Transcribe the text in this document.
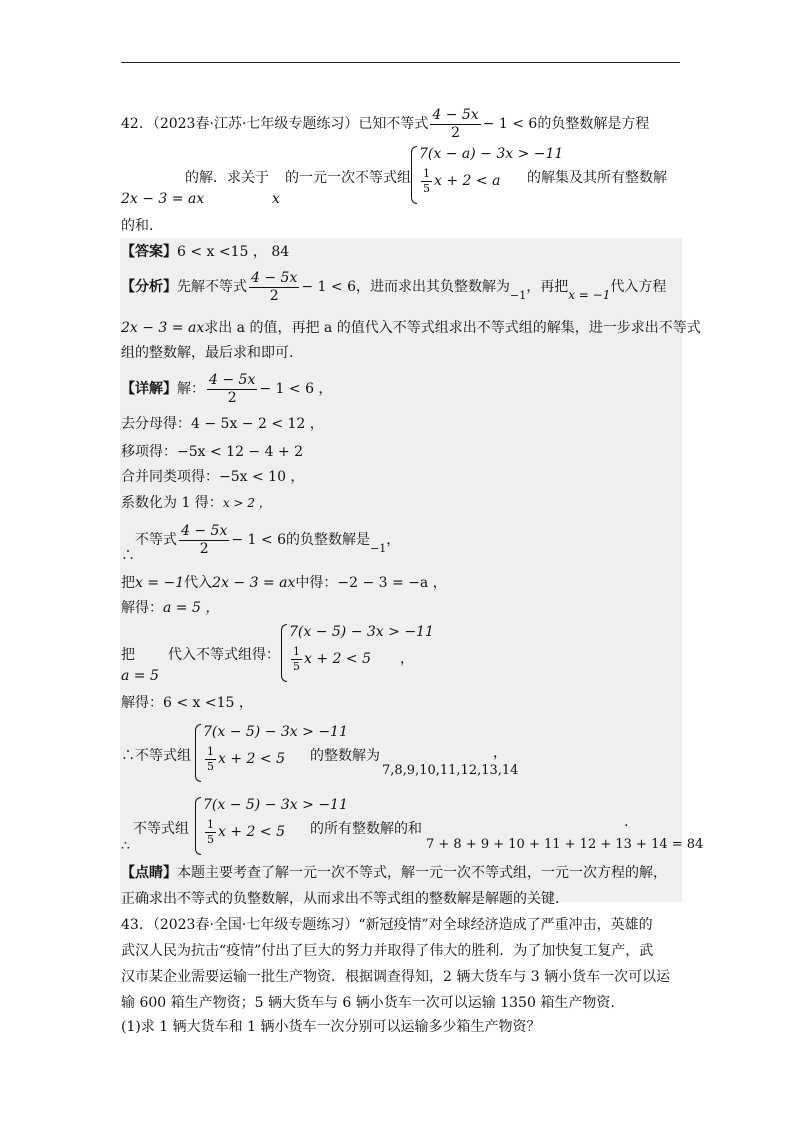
42．（2023春·江苏·七年级专题练习）已知不等式 $\frac{4 - 5x}{2} - 1 < 6$的负整数解是方程
的解．求关于 的一元一次不等式组
x
2x − 3 = ax
7(x − a) − 3x > −11
$\frac{1}{5}$ x + 2 < a 的解集及其所有整数解
的和.
【答案】6 < x <15 ， 84
【分析】先解不等式 $\frac{4 - 5x}{2} - 1 < 6$，进而求出其负整数解为$_{-1}$，再把x = −1代入方程
2x − 3 = ax求出 a 的值，再把 a 的值代入不等式组求出不等式组的解集，进一步求出不等式
组的整数解，最后求和即可.
【详解】解： $\frac{4 - 5x}{2} - 1 < 6$ ，
去分母得：4 − 5x − 2 < 12 ，
移项得：−5x < 12 − 4 + 2
合并同类项得：−5x < 10 ，
系数化为 1 得：x > 2 ，
∴不等式 $\frac{4 - 5x}{2} - 1 < 6$的负整数解是$_{-1}$，
把x = −1代入2x − 3 = ax中得：−2 − 3 = −a ，
解得：a = 5 ，
把
a = 5
代入不等式组得：
7(x − 5) − 3x > −11
$\frac{1}{5}$ x + 2 < 5 ，
解得：6 < x <15 ，
∴不等式组
7(x − 5) − 3x > −11
$\frac{1}{5}$ x + 2 < 5 的整数解为
7,8,9,10,11,12,13,14
，
∴
不等式组
7(x − 5) − 3x > −11
$\frac{1}{5}$ x + 2 < 5 的所有整数解的和
7 + 8 + 9 + 10 + 11 + 12 + 13 + 14 = 84
.
【点睛】本题主要考查了解一元一次不等式，解一元一次不等式组，一元一次方程的解，
正确求出不等式的负整数解，从而求出不等式组的整数解是解题的关键.
43．（2023春·全国·七年级专题练习）“新冠疫情”对全球经济造成了严重冲击，英雄的
武汉人民为抗击“疫情”付出了巨大的努力并取得了伟大的胜利．为了加快复工复产，武
汉市某企业需要运输一批生产物资．根据调查得知，2 辆大货车与 3 辆小货车一次可以运
输 600 箱生产物资；5 辆大货车与 6 辆小货车一次可以运输 1350 箱生产物资.
(1)求 1 辆大货车和 1 辆小货车一次分别可以运输多少箱生产物资？
